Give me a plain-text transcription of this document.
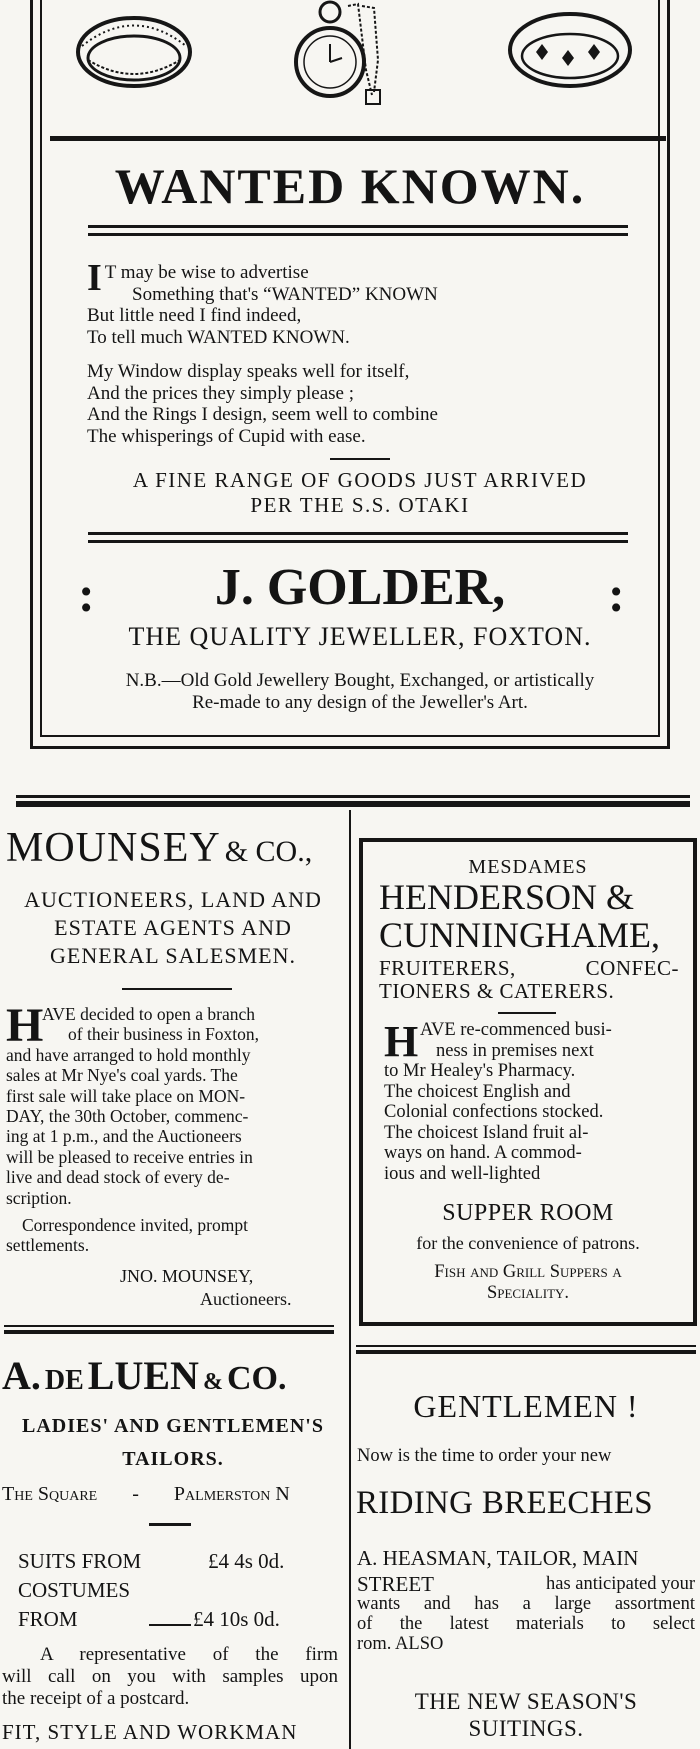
WANTED KNOWN.
I T may be wise to advertise
Something that's “WANTED” KNOWN
But little need I find indeed,
To tell much WANTED KNOWN.
My Window display speaks well for itself,
And the prices they simply please ;
And the Rings I design, seem well to combine
The whisperings of Cupid with ease.
A FINE RANGE OF GOODS JUST ARRIVED
PER THE S.S. OTAKI
:	:
J. GOLDER,
THE QUALITY JEWELLER, FOXTON.
N.B.—Old Gold Jewellery Bought, Exchanged, or artistically
Re-made to any design of the Jeweller's Art.
MOUNSEY & CO.,
AUCTIONEERS, LAND AND
ESTATE AGENTS AND
GENERAL SALESMEN.
H
AVE decided to open a branch
of their business in Foxton,
and have arranged to hold monthly
sales at Mr Nye's coal yards. The
first sale will take place on MON-
DAY, the 30th October, commenc-
ing at 1 p.m., and the Auctioneers
will be pleased to receive entries in
live and dead stock of every de-
scription.
Correspondence invited, prompt
settlements.
JNO. MOUNSEY,
Auctioneers.
MESDAMES
HENDERSON &
CUNNINGHAME,
FRUITERERS, CONFEC-
TIONERS & CATERERS.
H AVE re-commenced busi-
ness in premises next
to Mr Healey's Pharmacy.
The choicest English and
Colonial confections stocked.
The choicest Island fruit al-
ways on hand. A commod-
ious and well-lighted
SUPPER ROOM
for the convenience of patrons.
Fish and Grill Suppers a
Speciality.
A. DE LUEN & CO.
LADIES' AND GENTLEMEN'S
TAILORS.
The Square - Palmerston N
SUITS FROM	£4 4s 0d.
COSTUMES FROM	£4 10s 0d.
A representative of the firm
will call on you with samples upon
the receipt of a postcard.
FIT, STYLE AND WORKMAN
GENTLEMEN !
Now is the time to order your new
RIDING BREECHES
A. HEASMAN, TAILOR, MAIN
STREET	has anticipated your
wants and has a large assortment
of the latest materials to select
rom. ALSO
THE NEW SEASON'S
SUITINGS.
